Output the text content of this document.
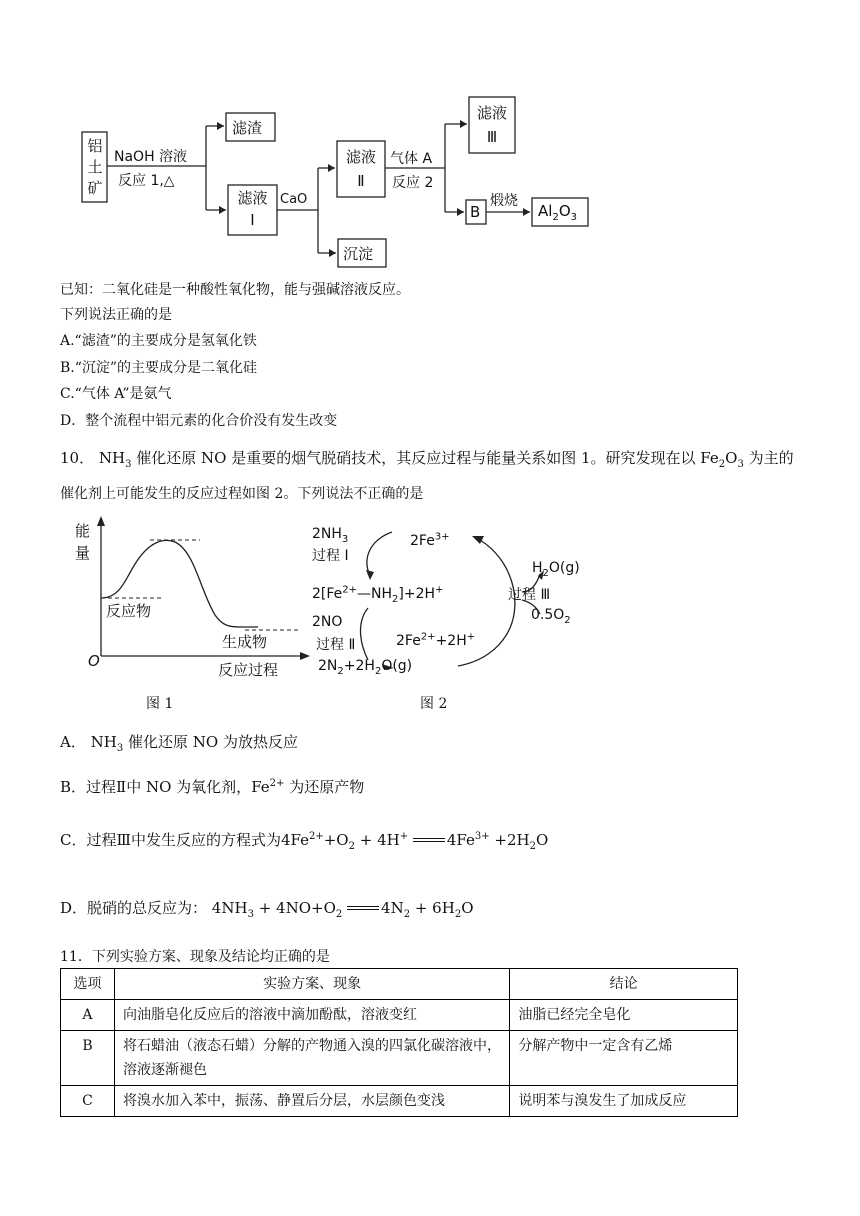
铝
土
矿
NaOH 溶液
反应 1,△
滤渣
滤液
Ⅰ
CaO
滤液
Ⅱ
沉淀
气体 A
反应 2
滤液
Ⅲ
B
煅烧
$Al_2O_3$
已知：二氧化硅是一种酸性氧化物，能与强碱溶液反应。
下列说法正确的是
A.“滤渣”的主要成分是氢氧化铁
B.“沉淀”的主要成分是二氧化硅
C.“气体 A”是氨气
D．整个流程中铝元素的化合价没有发生改变
10． $NH_3$ 催化还原 NO 是重要的烟气脱硝技术，其反应过程与能量关系如图 1。研究发现在以 $Fe_2O_3$ 为主的
催化剂上可能发生的反应过程如图 2。下列说法不正确的是
能
量
O
反应物
生成物
反应过程
图 1
$2NH_3$
过程 Ⅰ
$2Fe^{3+}$
$H_2O(g)$
$2[Fe^{2+}—NH_2]+2H^+$	过程 Ⅲ
$0.5O_2$
2NO
过程 Ⅱ	$2Fe^{2+}+2H^+$
$2N_2+2H_2O(g)$
图 2
A． $NH_3$ 催化还原 NO 为放热反应
B．过程Ⅱ中 NO 为氧化剂，$Fe^{2+}$ 为还原产物
C．过程Ⅲ中发生反应的方程式为$4Fe^{2+}+O_2 + 4H^+$	$4Fe^{3+} +2H_2O$
D．脱硝的总反应为： $4NH_3 + 4NO+O_2$	$4N_2 + 6H_2O$
11．下列实验方案、现象及结论均正确的是
选项	实验方案、现象	结论
A	向油脂皂化反应后的溶液中滴加酚酞，溶液变红	油脂已经完全皂化
B	将石蜡油（液态石蜡）分解的产物通入溴的四氯化碳溶液中，溶液逐渐褪色	分解产物中一定含有乙烯
C	将溴水加入苯中，振荡、静置后分层，水层颜色变浅	说明苯与溴发生了加成反应
